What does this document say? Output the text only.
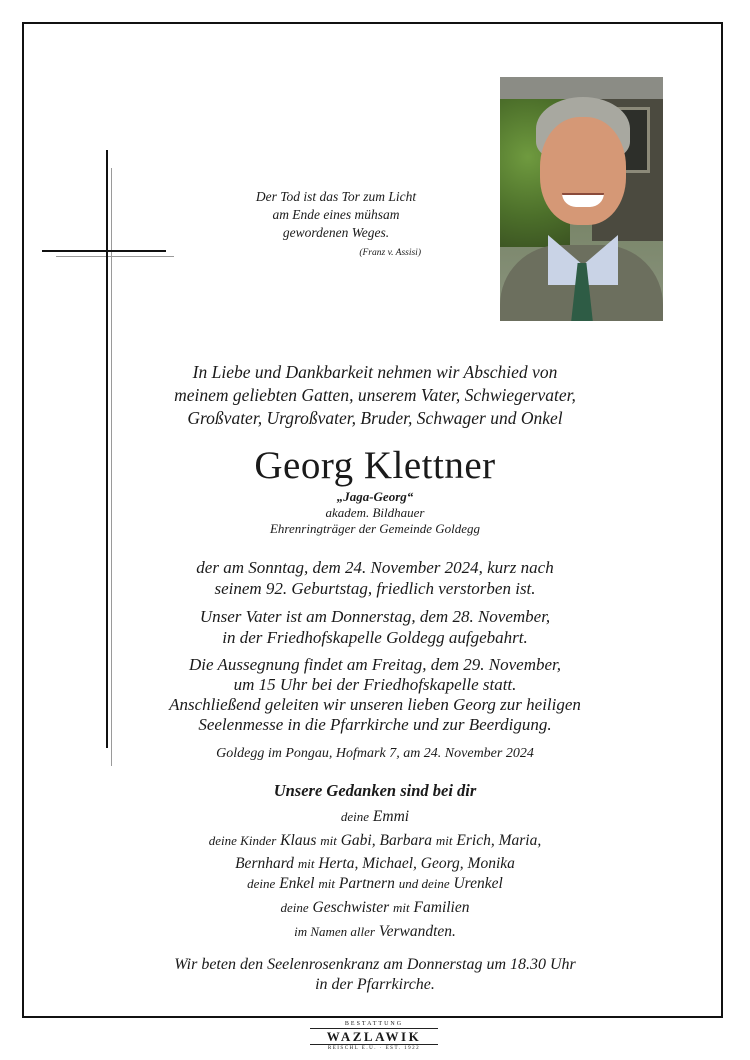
Der Tod ist das Tor zum Licht
am Ende eines mühsam
gewordenen Weges.
(Franz v. Assisi)
In Liebe und Dankbarkeit nehmen wir Abschied von
meinem geliebten Gatten, unserem Vater, Schwiegervater,
Großvater, Urgroßvater, Bruder, Schwager und Onkel
Georg Klettner
„Jaga-Georg“
akadem. Bildhauer
Ehrenringträger der Gemeinde Goldegg
der am Sonntag, dem 24. November 2024, kurz nach
seinem 92. Geburtstag, friedlich verstorben ist.
Unser Vater ist am Donnerstag, dem 28. November,
in der Friedhofskapelle Goldegg aufgebahrt.
Die Aussegnung findet am Freitag, dem 29. November,
um 15 Uhr bei der Friedhofskapelle statt.
Anschließend geleiten wir unseren lieben Georg zur heiligen
Seelenmesse in die Pfarrkirche und zur Beerdigung.
Goldegg im Pongau, Hofmark 7, am 24. November 2024
Unsere Gedanken sind bei dir
deine Emmi
deine Kinder Klaus mit Gabi, Barbara mit Erich, Maria,
Bernhard mit Herta, Michael, Georg, Monika
deine Enkel mit Partnern und deine Urenkel
deine Geschwister mit Familien
im Namen aller Verwandten.
Wir beten den Seelenrosenkranz am Donnerstag um 18.30 Uhr
in der Pfarrkirche.
BESTATTUNG
WAZLAWIK
REISCHL E.U. · EST. 1922
